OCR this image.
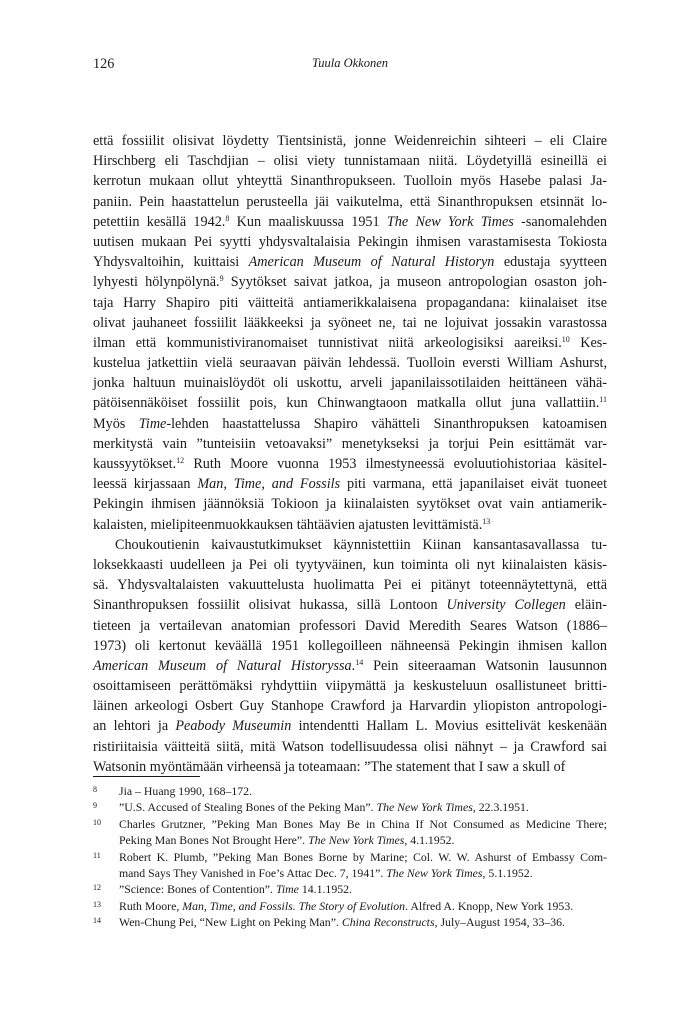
126	Tuula Okkonen
että fossiilit olisivat löydetty Tientsinistä, jonne Weidenreichin sihteeri – eli Claire
Hirschberg eli Taschdjian – olisi viety tunnistamaan niitä. Löydetyillä esineillä ei
kerrotun mukaan ollut yhteyttä Sinanthropukseen. Tuolloin myös Hasebe palasi Ja-
paniin. Pein haastattelun perusteella jäi vaikutelma, että Sinanthropuksen etsinnät lo-
petettiin kesällä 1942.$^8$ Kun maaliskuussa 1951 The New York Times -sanomalehden
uutisen mukaan Pei syytti yhdysvaltalaisia Pekingin ihmisen varastamisesta Tokiosta
Yhdysvaltoihin, kuittaisi American Museum of Natural Historyn edustaja syytteen
lyhyesti hölynpölynä.$^9$ Syytökset saivat jatkoa, ja museon antropologian osaston joh-
taja Harry Shapiro piti väitteitä antiamerikkalaisena propagandana: kiinalaiset itse
olivat jauhaneet fossiilit lääkkeeksi ja syöneet ne, tai ne lojuivat jossakin varastossa
ilman että kommunistiviranomaiset tunnistivat niitä arkeologisiksi aareiksi.$^{10}$ Kes-
kustelua jatkettiin vielä seuraavan päivän lehdessä. Tuolloin eversti William Ashurst,
jonka haltuun muinaislöydöt oli uskottu, arveli japanilaissotilaiden heittäneen vähä-
pätöisennäköiset fossiilit pois, kun Chinwangtaoon matkalla ollut juna vallattiin.$^{11}$
Myös Time-lehden haastattelussa Shapiro vähätteli Sinanthropuksen katoamisen
merkitystä vain ”tunteisiin vetoavaksi” menetykseksi ja torjui Pein esittämät var-
kaussyytökset.$^{12}$ Ruth Moore vuonna 1953 ilmestyneessä evoluutiohistoriaa käsitel-
leessä kirjassaan Man, Time, and Fossils piti varmana, että japanilaiset eivät tuoneet
Pekingin ihmisen jäännöksiä Tokioon ja kiinalaisten syytökset ovat vain antiamerik-
kalaisten, mielipiteenmuokkauksen tähtäävien ajatusten levittämistä.$^{13}$
Choukoutienin kaivaustutkimukset käynnistettiin Kiinan kansantasavallassa tu-
loksekkaasti uudelleen ja Pei oli tyytyväinen, kun toiminta oli nyt kiinalaisten käsis-
sä. Yhdysvaltalaisten vakuuttelusta huolimatta Pei ei pitänyt toteennäytettynä, että
Sinanthropuksen fossiilit olisivat hukassa, sillä Lontoon University Collegen eläin-
tieteen ja vertailevan anatomian professori David Meredith Seares Watson (1886–
1973) oli kertonut keväällä 1951 kollegoilleen nähneensä Pekingin ihmisen kallon
American Museum of Natural Historyssa.$^{14}$ Pein siteeraaman Watsonin lausunnon
osoittamiseen perättömäksi ryhdyttiin viipymättä ja keskusteluun osallistuneet britti-
läinen arkeologi Osbert Guy Stanhope Crawford ja Harvardin yliopiston antropologi-
an lehtori ja Peabody Museumin intendentti Hallam L. Movius esittelivät keskenään
ristiriitaisia väitteitä siitä, mitä Watson todellisuudessa olisi nähnyt – ja Crawford sai
Watsonin myöntämään virheensä ja toteamaan: ”The statement that I saw a skull of
8 Jia – Huang 1990, 168–172.
9 ”U.S. Accused of Stealing Bones of the Peking Man”. The New York Times, 22.3.1951.
10 Charles Grutzner, ”Peking Man Bones May Be in China If Not Consumed as Medicine There;
Peking Man Bones Not Brought Here”. The New York Times, 4.1.1952.
11 Robert K. Plumb, ”Peking Man Bones Borne by Marine; Col. W. W. Ashurst of Embassy Com-
mand Says They Vanished in Foe’s Attac Dec. 7, 1941”. The New York Times, 5.1.1952.
12 ”Science: Bones of Contention”. Time 14.1.1952.
13 Ruth Moore, Man, Time, and Fossils. The Story of Evolution. Alfred A. Knopp, New York 1953.
14 Wen-Chung Pei, “New Light on Peking Man”. China Reconstructs, July–August 1954, 33–36.
